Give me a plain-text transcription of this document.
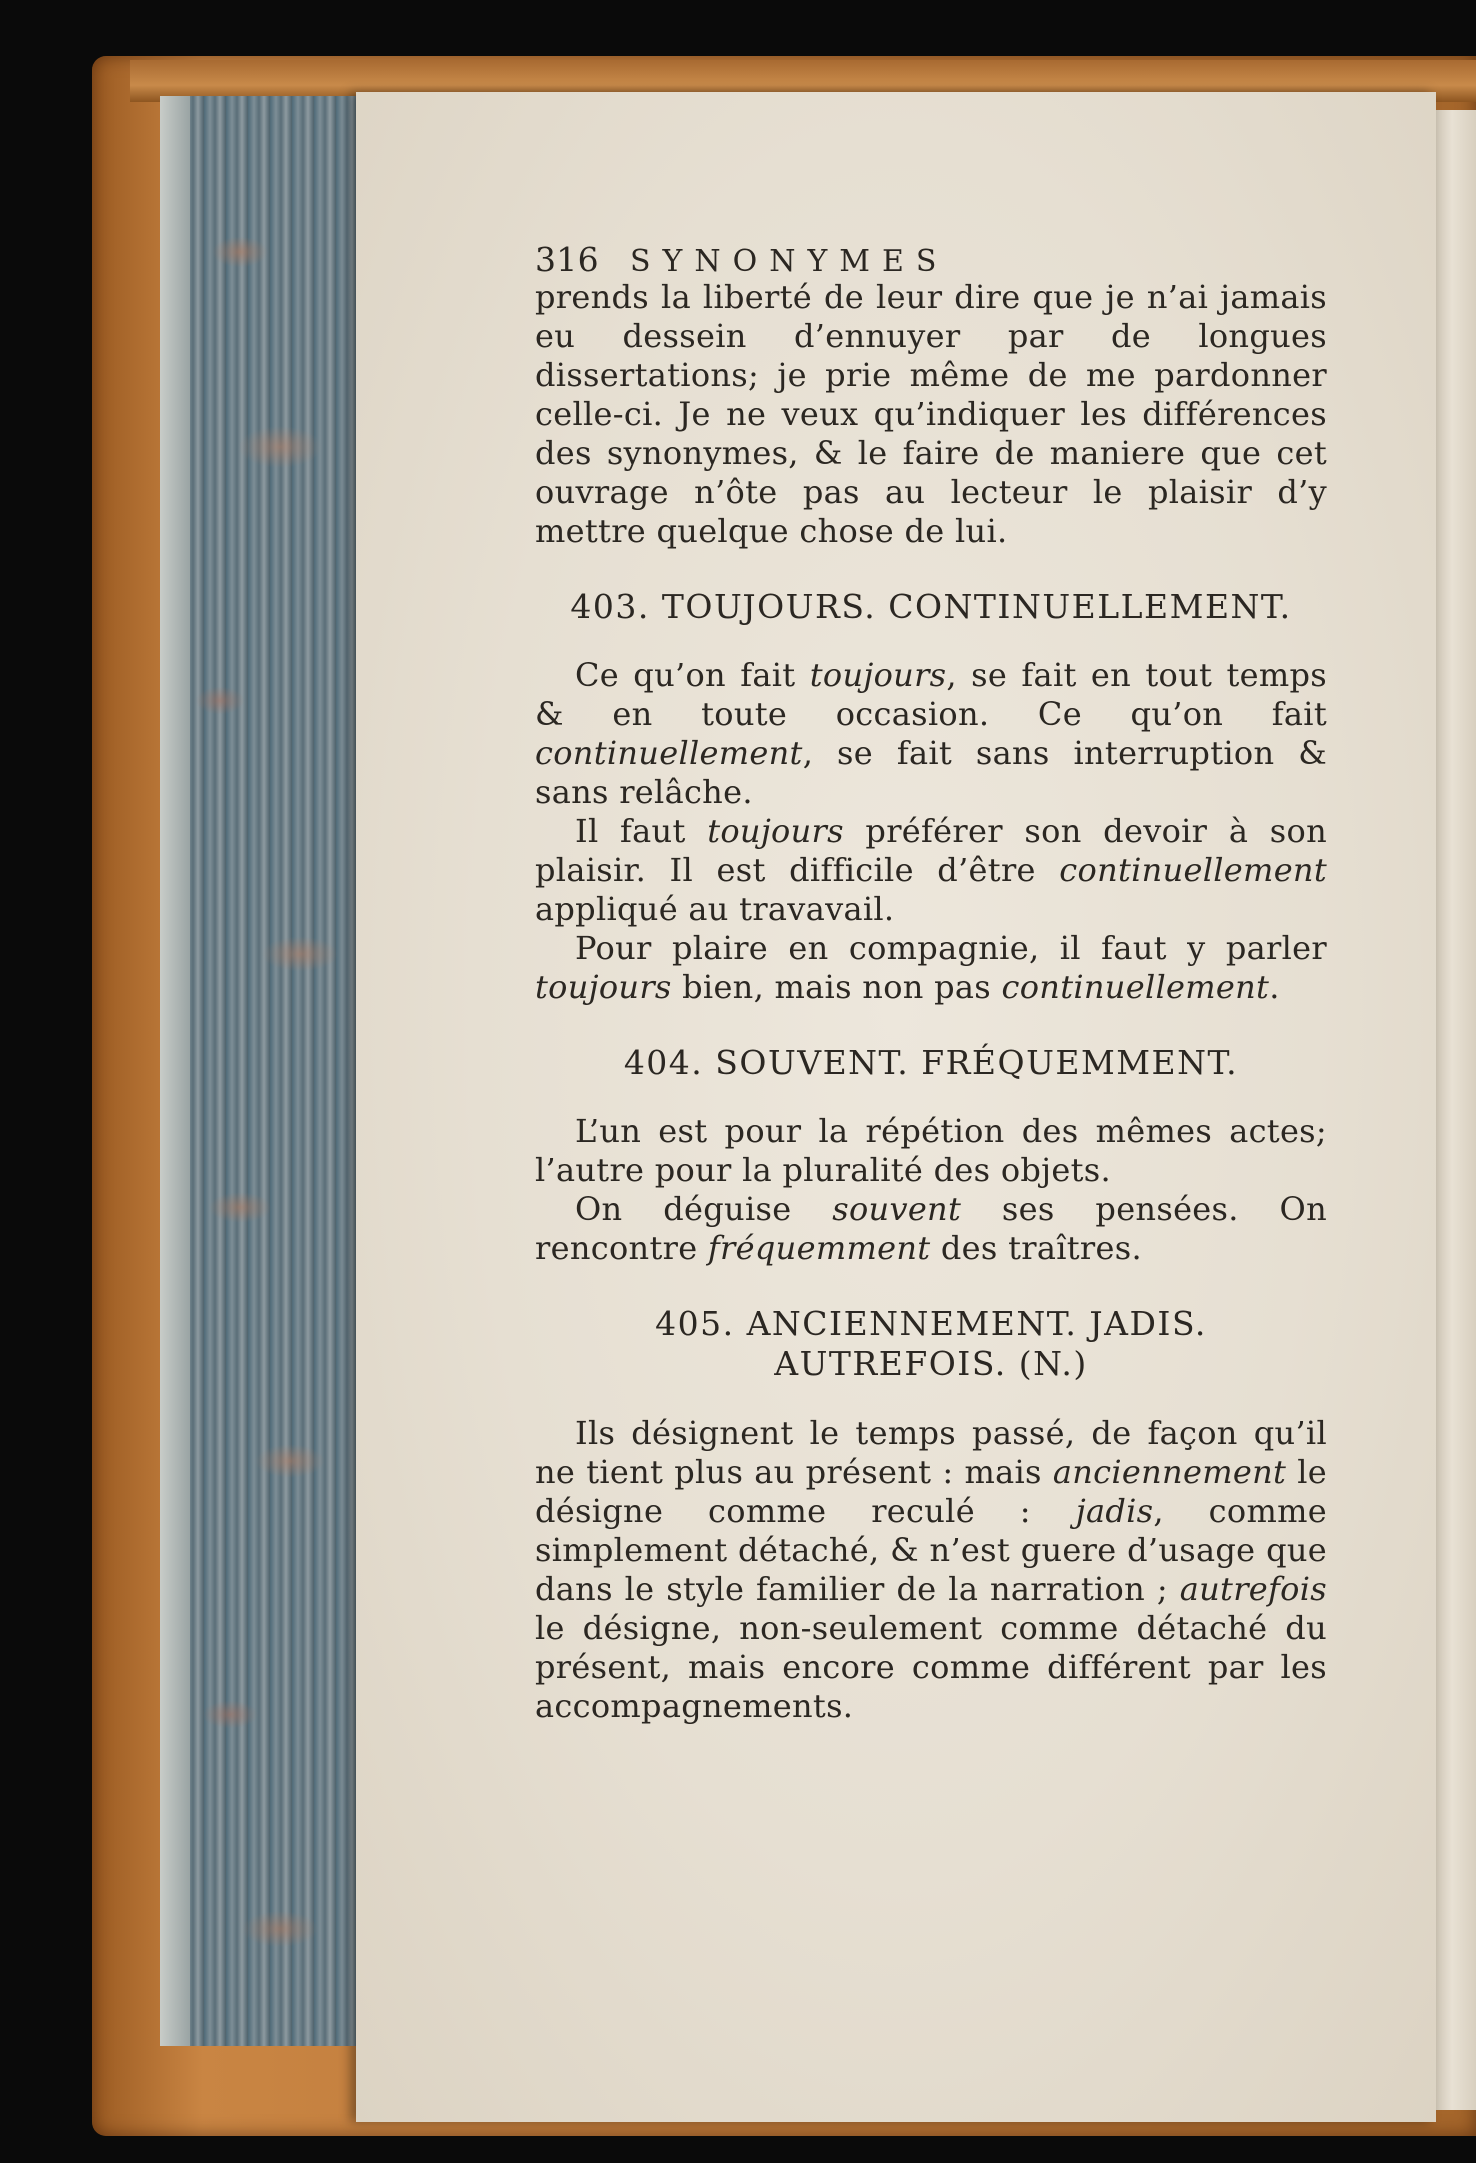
316	SYNONYMES

prends la liberté de leur dire que je n’ai jamais eu dessein d’ennuyer par de longues dissertations; je prie même de me pardonner celle-ci. Je ne veux qu’indiquer les différences des synonymes, & le faire de maniere que cet ouvrage n’ôte pas au lecteur le plaisir d’y mettre quelque chose de lui.

403. TOUJOURS. CONTINUELLEMENT.

Ce qu’on fait toujours, se fait en tout temps & en toute occasion. Ce qu’on fait continuellement, se fait sans interruption & sans relâche.

Il faut toujours préférer son devoir à son plaisir. Il est difficile d’être continuellement appliqué au travavail.

Pour plaire en compagnie, il faut y parler toujours bien, mais non pas continuellement.

404. SOUVENT. FRÉQUEMMENT.

L’un est pour la répétion des mêmes actes; l’autre pour la pluralité des objets.

On déguise souvent ses pensées. On rencontre fréquemment des traîtres.

405. ANCIENNEMENT. JADIS.
AUTREFOIS. (N.)

Ils désignent le temps passé, de façon qu’il ne tient plus au présent : mais anciennement le désigne comme reculé : jadis, comme simplement détaché, & n’est guere d’usage que dans le style familier de la narration ; autrefois le désigne, non-seulement comme détaché du présent, mais encore comme différent par les accompagnements.
